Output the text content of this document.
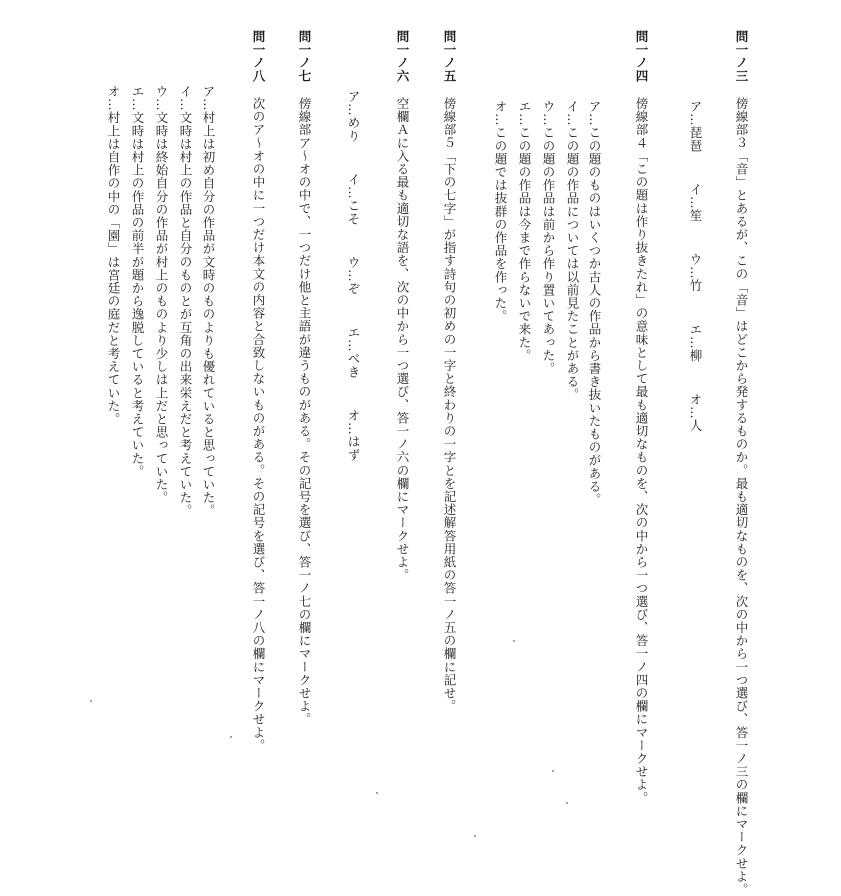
問一ノ三 傍線部３「音」とあるが、この「音」はどこから発するものか。最も適切なものを、次の中から一つ選び、答一ノ三の欄にマークせよ。
ア…琵琶 イ…笙 ウ…竹 エ…柳 オ…人
問一ノ四 傍線部４「この題は作り抜きたれ」の意味として最も適切なものを、次の中から一つ選び、答一ノ四の欄にマークせよ。
ア…この題のものはいくつか古人の作品から書き抜いたものがある。
イ…この題の作品については以前見たことがある。
ウ…この題の作品は前から作り置いてあった。
エ…この題の作品は今まで作らないで来た。
オ…この題では抜群の作品を作った。
問一ノ五 傍線部５「下の七字」が指す詩句の初めの一字と終わりの一字とを記述解答用紙の答一ノ五の欄に記せ。
問一ノ六 空欄Ａに入る最も適切な語を、次の中から一つ選び、答一ノ六の欄にマークせよ。
ア…めり イ…こそ ウ…ぞ エ…べき オ…はず
問一ノ七 傍線部ア～オの中で、一つだけ他と主語が違うものがある。その記号を選び、答一ノ七の欄にマークせよ。
問一ノ八 次のア～オの中に一つだけ本文の内容と合致しないものがある。その記号を選び、答一ノ八の欄にマークせよ。
ア…村上は初め自分の作品が文時のものよりも優れていると思っていた。
イ…文時は村上の作品と自分のものとが互角の出来栄えだと考えていた。
ウ…文時は終始自分の作品が村上のものより少しは上だと思っていた。
エ…文時は村上の作品の前半が題から逸脱していると考えていた。
オ…村上は自作の中の「園」は宮廷の庭だと考えていた。
